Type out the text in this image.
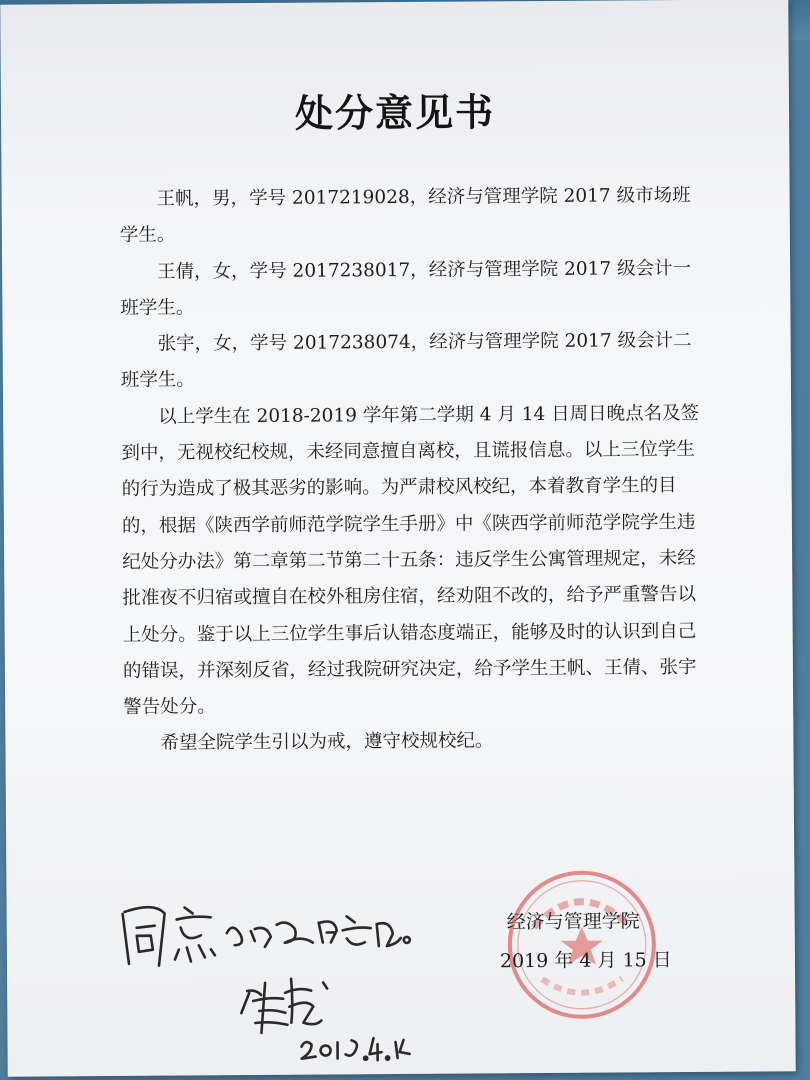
处分意见书

王帆，男，学号 2017219028，经济与管理学院 2017 级市场班学生。

王倩，女，学号 2017238017，经济与管理学院 2017 级会计一班学生。

张宇，女，学号 2017238074，经济与管理学院 2017 级会计二班学生。

以上学生在 2018-2019 学年第二学期 4 月 14 日周日晚点名及签到中，无视校纪校规，未经同意擅自离校，且谎报信息。以上三位学生的行为造成了极其恶劣的影响。为严肃校风校纪，本着教育学生的目的，根据《陕西学前师范学院学生手册》中《陕西学前师范学院学生违纪处分办法》第二章第二节第二十五条：违反学生公寓管理规定，未经批准夜不归宿或擅自在校外租房住宿，经劝阻不改的，给予严重警告以上处分。鉴于以上三位学生事后认错态度端正，能够及时的认识到自己的错误，并深刻反省，经过我院研究决定，给予学生王帆、王倩、张宇警告处分。

希望全院学生引以为戒，遵守校规校纪。

经济与管理学院
2019 年 4 月 15 日
